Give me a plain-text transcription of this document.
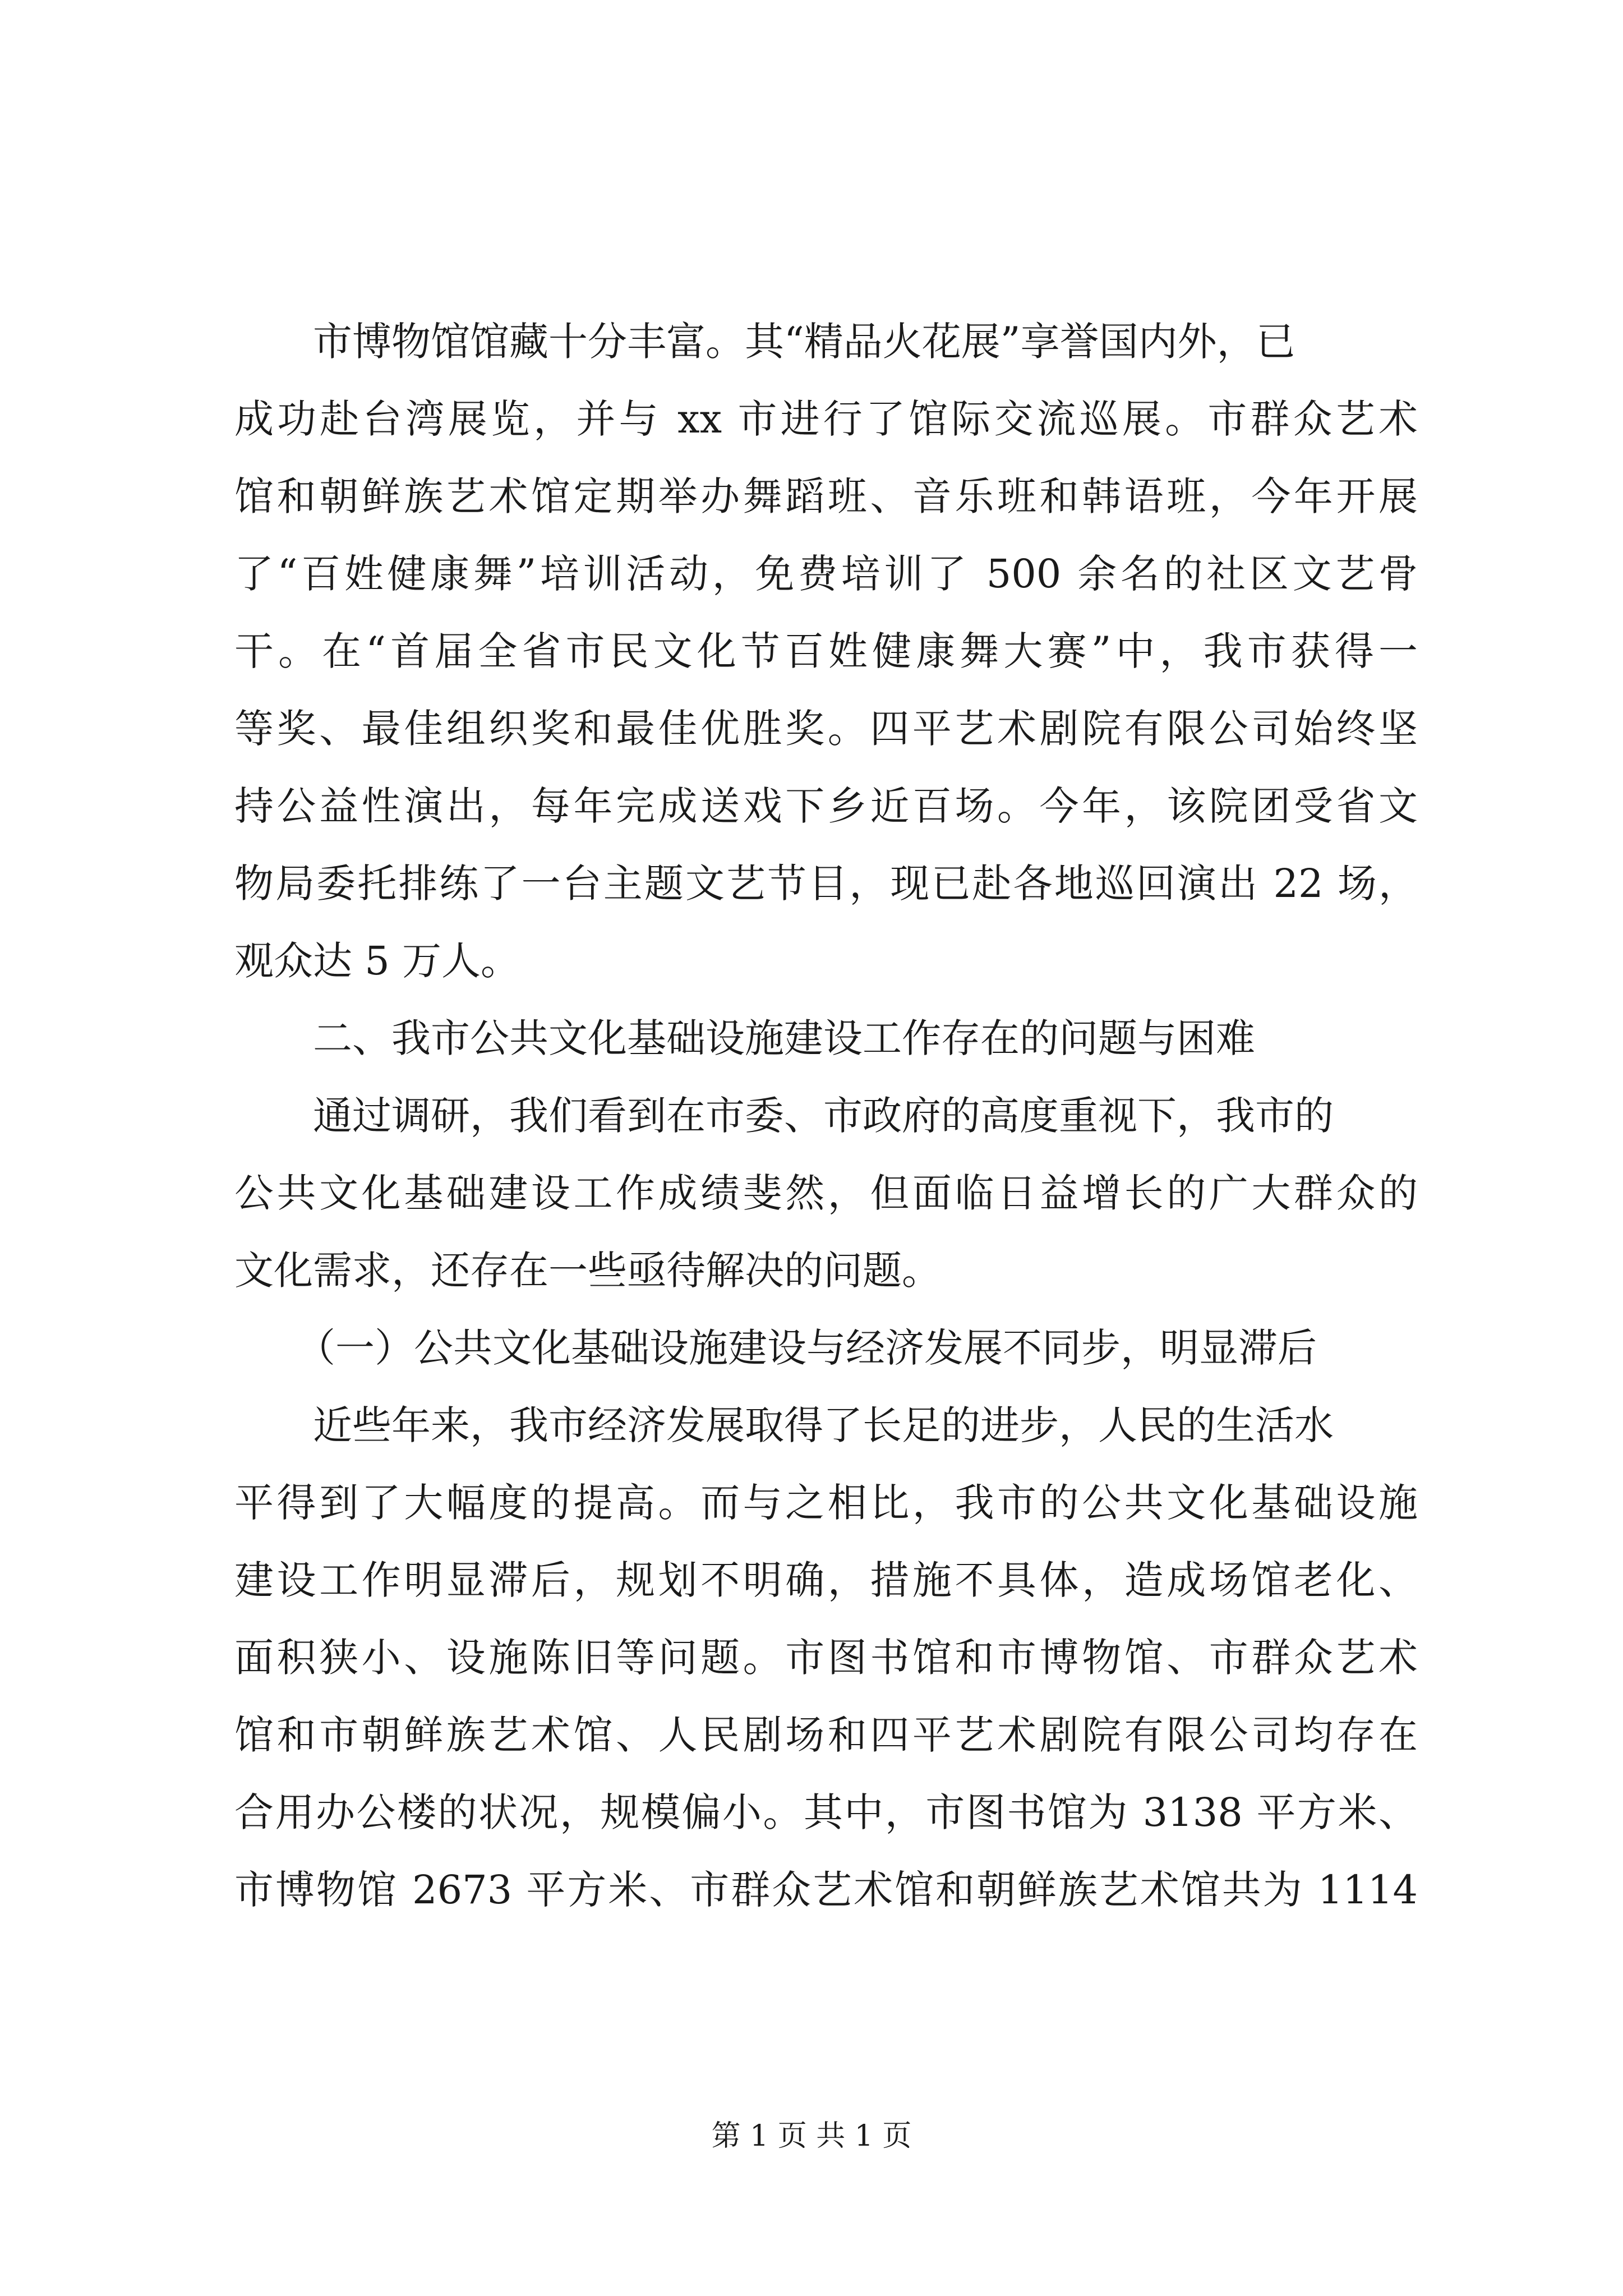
市博物馆馆藏十分丰富。其“精品火花展”享誉国内外，已
成功赴台湾展览，并与 xx 市进行了馆际交流巡展。市群众艺术
馆和朝鲜族艺术馆定期举办舞蹈班、音乐班和韩语班，今年开展
了“百姓健康舞”培训活动，免费培训了 500 余名的社区文艺骨
干。在“首届全省市民文化节百姓健康舞大赛”中，我市获得一
等奖、最佳组织奖和最佳优胜奖。四平艺术剧院有限公司始终坚
持公益性演出，每年完成送戏下乡近百场。今年，该院团受省文
物局委托排练了一台主题文艺节目，现已赴各地巡回演出 22 场，
观众达 5 万人。
二、我市公共文化基础设施建设工作存在的问题与困难
通过调研，我们看到在市委、市政府的高度重视下，我市的
公共文化基础建设工作成绩斐然，但面临日益增长的广大群众的
文化需求，还存在一些亟待解决的问题。
（一）公共文化基础设施建设与经济发展不同步，明显滞后
近些年来，我市经济发展取得了长足的进步，人民的生活水
平得到了大幅度的提高。而与之相比，我市的公共文化基础设施
建设工作明显滞后，规划不明确，措施不具体，造成场馆老化、
面积狭小、设施陈旧等问题。市图书馆和市博物馆、市群众艺术
馆和市朝鲜族艺术馆、人民剧场和四平艺术剧院有限公司均存在
合用办公楼的状况，规模偏小。其中，市图书馆为 3138 平方米、
市博物馆 2673 平方米、市群众艺术馆和朝鲜族艺术馆共为 1114
第 1 页 共 1 页
